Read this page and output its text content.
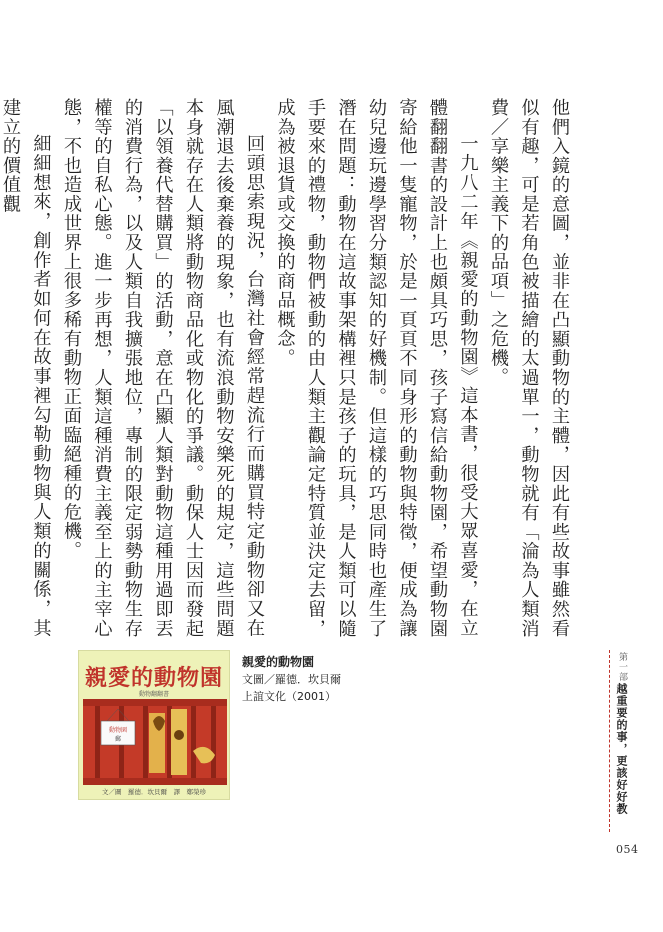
他們入鏡的意圖，並非在凸顯動物的主體，因此有些故事雖然看似有趣，可是若角色被描繪的太過單一，動物就有「淪為人類消費／享樂主義下的品項」之危機。

一九八二年《親愛的動物園》這本書，很受大眾喜愛，在立體翻翻書的設計上也頗具巧思，孩子寫信給動物園，希望動物園寄給他一隻寵物，於是一頁頁不同身形的動物與特徵，便成為讓幼兒邊玩邊學習分類認知的好機制。但這樣的巧思同時也產生了潛在問題：動物在這故事架構裡只是孩子的玩具，是人類可以隨手要來的禮物，動物們被動的由人類主觀論定特質並決定去留，成為被退貨或交換的商品概念。

回頭思索現況，台灣社會經常趕流行而購買特定動物卻又在風潮退去後棄養的現象，也有流浪動物安樂死的規定，這些問題本身就存在人類將動物商品化或物化的爭議。動保人士因而發起「以領養代替購買」的活動，意在凸顯人類對動物這種用過即丟的消費行為，以及人類自我擴張地位，專制的限定弱勢動物生存權等的自私心態。進一步再想，人類這種消費主義至上的主宰心態，不也造成世界上很多稀有動物正面臨絕種的危機。

細細想來，創作者如何在故事裡勾勒動物與人類的關係，其建立的價值觀

親愛的動物園
動物翻翻書
動物園
郵
文／圖　羅德．坎貝爾　譯　鄭榮珍
親愛的動物園
文圖／羅德．坎貝爾
上誼文化（2001）
第一部
越重要的事，更該好好教
054
